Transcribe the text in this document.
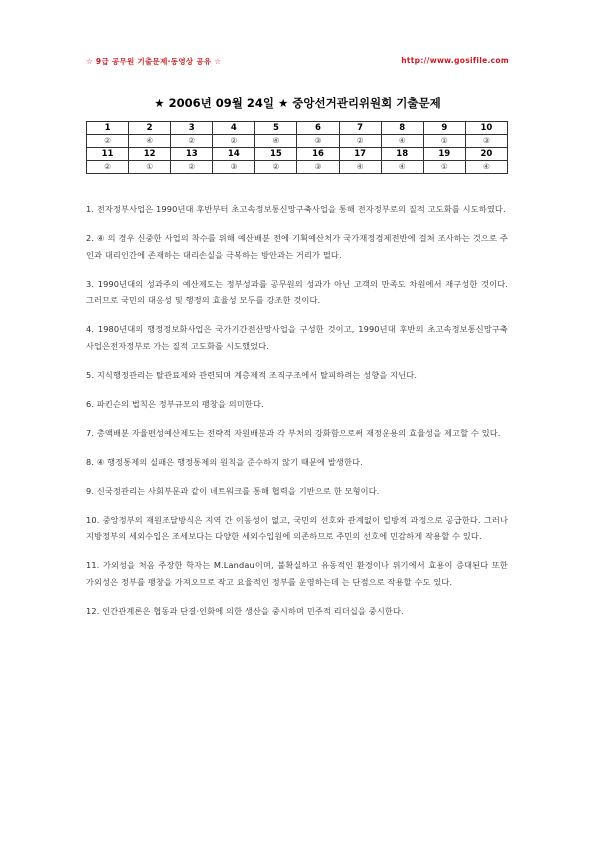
☆ 9급 공무원 기출문제·동영상 공유 ☆	http://www.gosifile.com
★ 2006년 09월 24일 ★ 중앙선거관리위원회 기출문제
1	2	3	4	5	6	7	8	9	10
②	④	②	②	④	③	②	④	①	③
11	12	13	14	15	16	17	18	19	20
②	①	②	③	②	③	④	④	①	④

1. 전자정부사업은 1990년대 후반부터 초고속정보통신망구축사업을 통해 전자정부로의 질적 고도화를 시도하였다.

2. ④ 의 경우 신중한 사업의 착수를 위해 예산배분 전에 기획예산처가 국가재정경제전반에 걸쳐 조사하는 것으로 주인과 대리인간에 존재하는 대리손실을 극복하는 방안과는 거리가 멀다.

3. 1990년대의 성과주의 예산제도는 정부성과를 공무원의 성과가 아닌 고객의 만족도 차원에서 재구성한 것이다. 그러므로 국민의 대응성 및 행정의 효율성 모두를 강조한 것이다.

4. 1980년대의 행정정보화사업은 국가기간전산망사업을 구성한 것이고, 1990년대 후반의 초고속정보통신망구축사업은전자정부로 가는 질적 고도화를 시도했었다.

5. 지식행정관리는 탈관료제와 관련되며 계층제적 조직구조에서 탈피하려는 성향을 지닌다.

6. 파킨슨의 법칙은 정부규모의 팽창을 의미한다.

7. 총액배분 자율편성예산제도는 전략적 자원배분과 각 부처의 강화함으로써 재정운용의 효율성을 제고할 수 있다.

8. ④ 행정통제의 실패은 행정통제의 원칙을 준수하지 않기 때문에 발생한다.

9. 신국정관리는 사회부문과 같이 네트워크를 통해 협력을 기반으로 한 모형이다.

10. 중앙정부의 재원조달방식은 지역 간 이동성이 없고, 국민의 선호와 관계없이 일방적 과정으로 공급한다. 그러나 지방정부의 세외수입은 조세보다는 다양한 세외수입원에 의존하므로 주민의 선호에 민감하게 작용할 수 있다.

11. 가외성을 처음 주장한 학자는 M.Landau이며, 불확실하고 유동적인 환경이나 위기에서 효용이 증대된다 또한 가외성은 정부를 팽창을 가져오므로 작고 요율적인 정부를 운영하는데 는 단점으로 작용할 수도 있다.

12. 인간관계론은 협동과 단결·인화에 의한 생산을 중시하며 민주적 리더십을 중시한다.
